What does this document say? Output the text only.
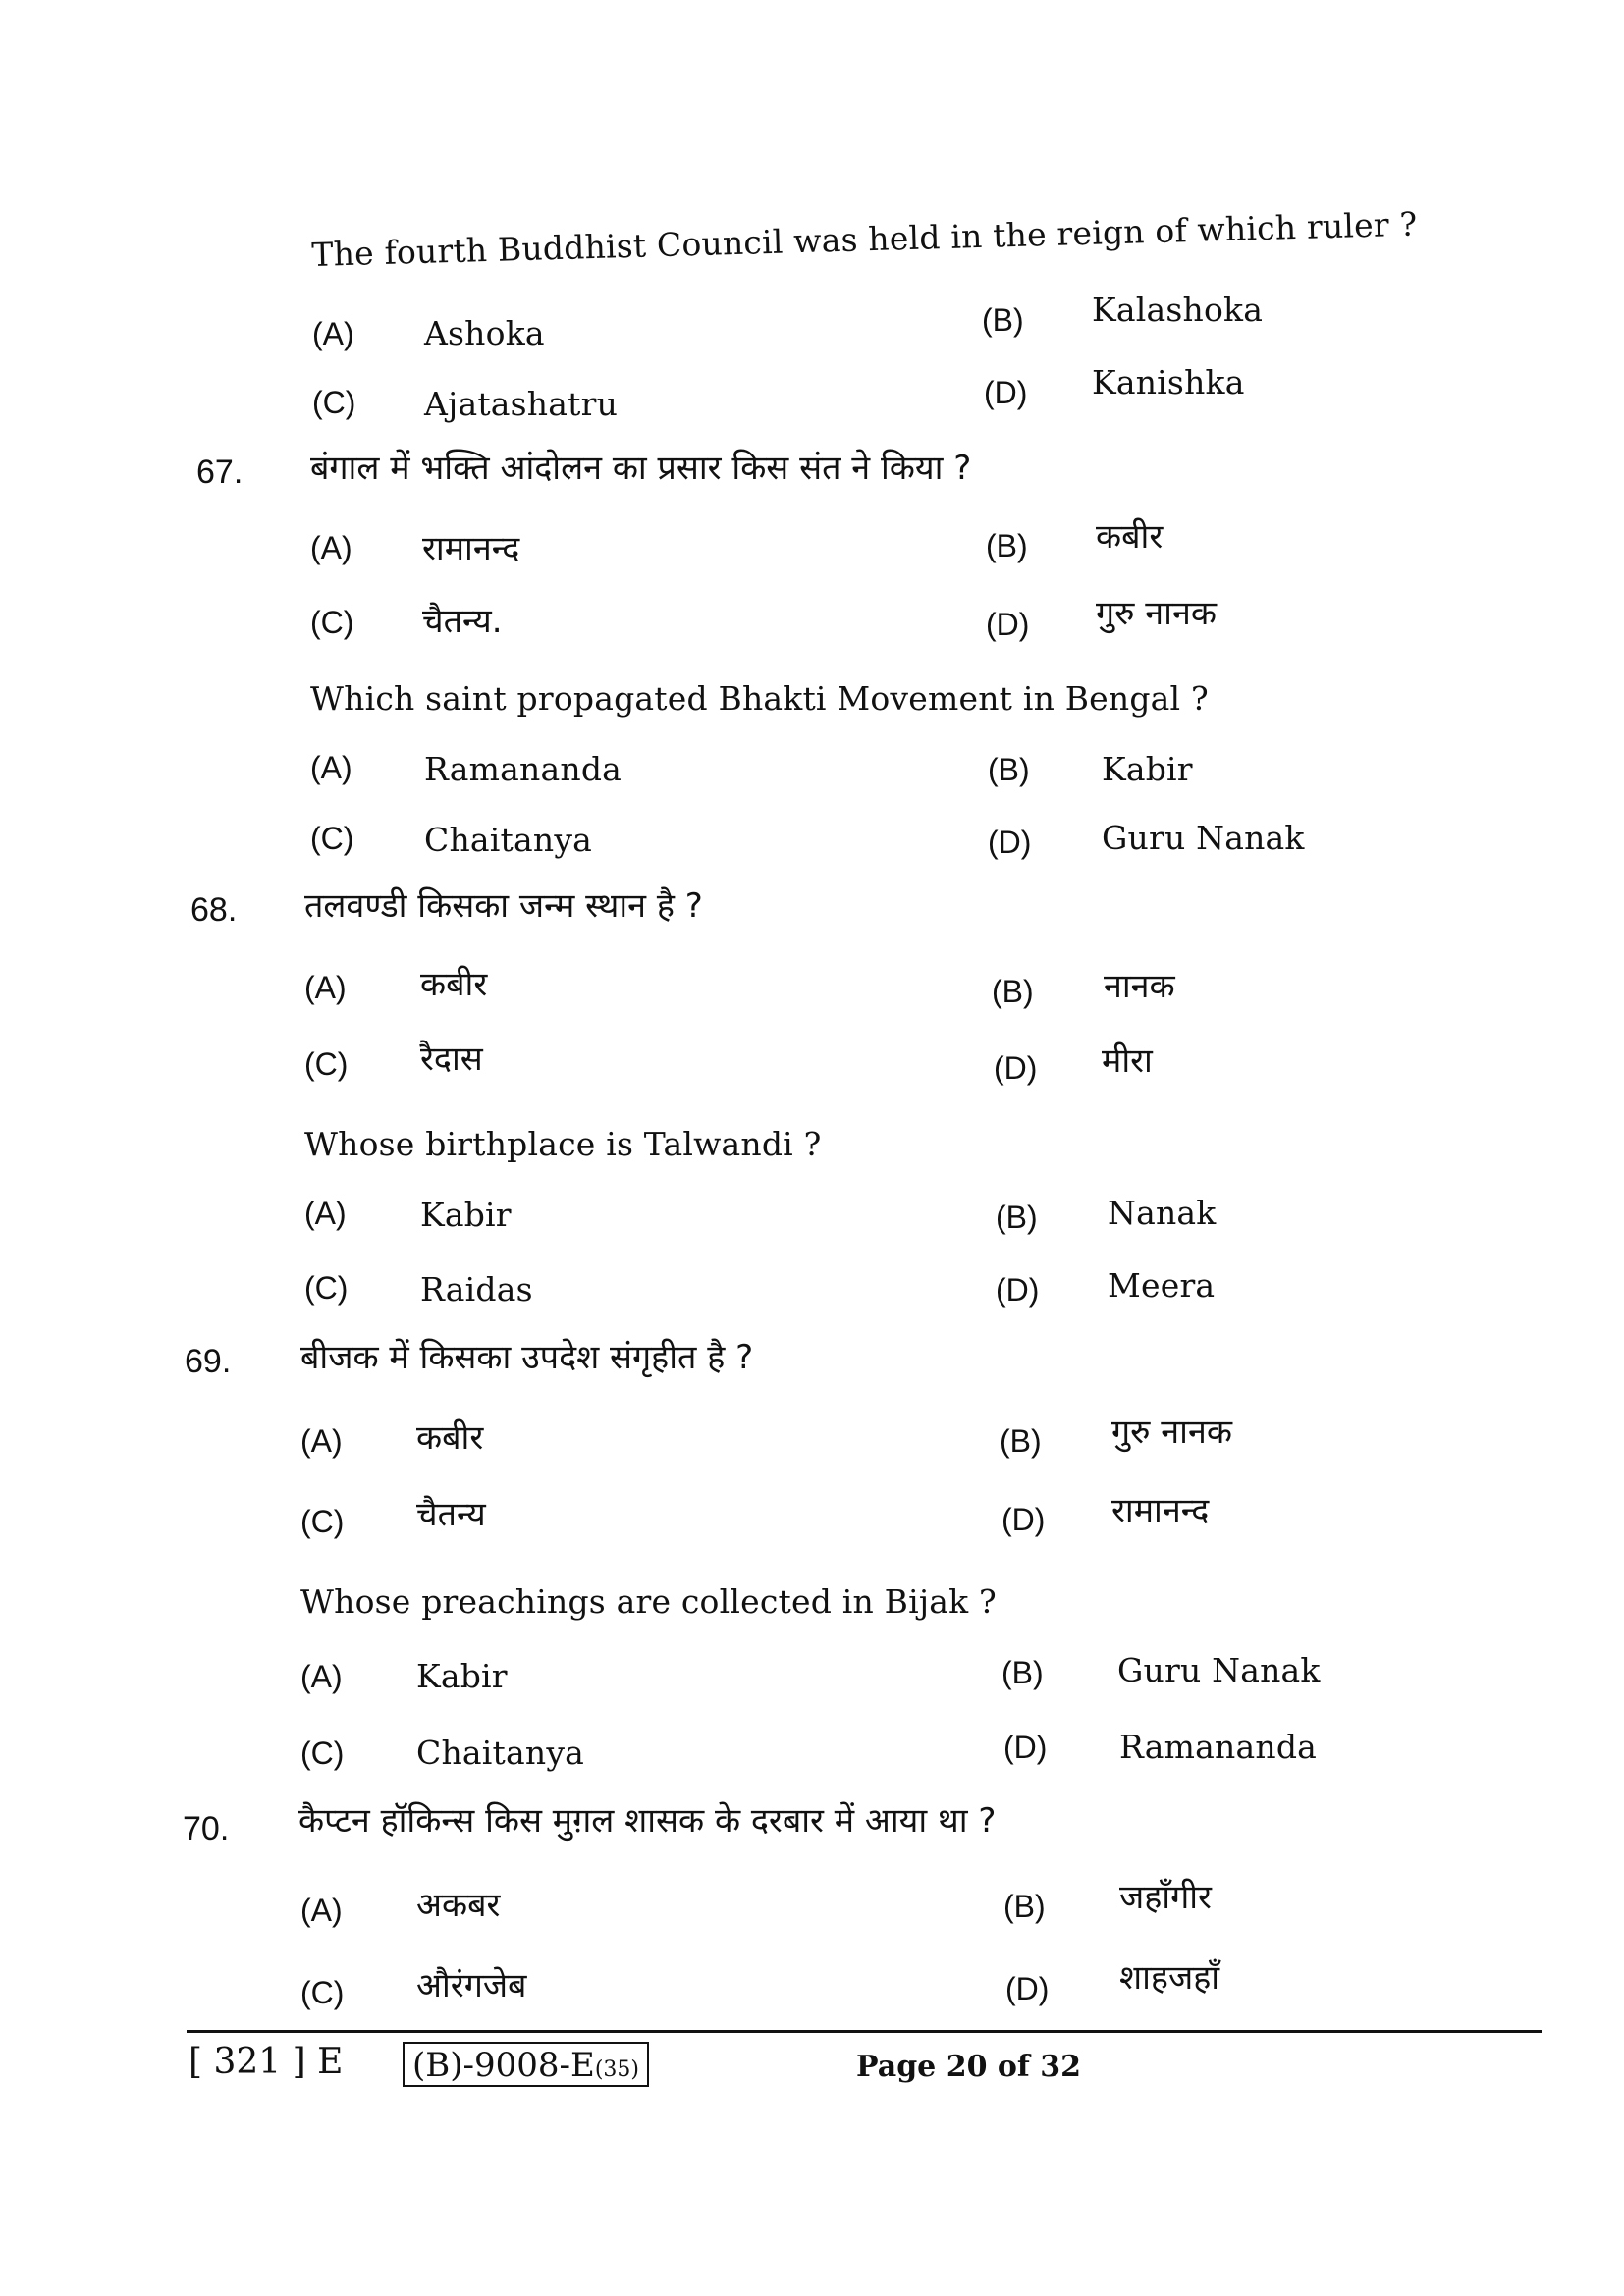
The fourth Buddhist Council was held in the reign of which ruler ?
(A) Ashoka	(B) Kalashoka
(C) Ajatashatru	(D) Kanishka
67. बंगाल में भक्ति आंदोलन का प्रसार किस संत ने किया ?
(A) रामानन्द	(B) कबीर
(C) चैतन्य.	(D) गुरु नानक
Which saint propagated Bhakti Movement in Bengal ?
(A) Ramananda	(B) Kabir
(C) Chaitanya	(D) Guru Nanak
68. तलवण्डी किसका जन्म स्थान है ?
(A) कबीर	(B) नानक
(C) रैदास	(D) मीरा
Whose birthplace is Talwandi ?
(A) Kabir	(B) Nanak
(C) Raidas	(D) Meera
69. बीजक में किसका उपदेश संगृहीत है ?
(A) कबीर	(B) गुरु नानक
(C) चैतन्य	(D) रामानन्द
Whose preachings are collected in Bijak ?
(A) Kabir	(B) Guru Nanak
(C) Chaitanya	(D) Ramananda
70. कैप्टन हॉकिन्स किस मुग़ल शासक के दरबार में आया था ?
(A) अकबर	(B) जहाँगीर
(C) औरंगजेब	(D) शाहजहाँ
[ 321 ] E (B)-9008-E(35)	Page 20 of 32
